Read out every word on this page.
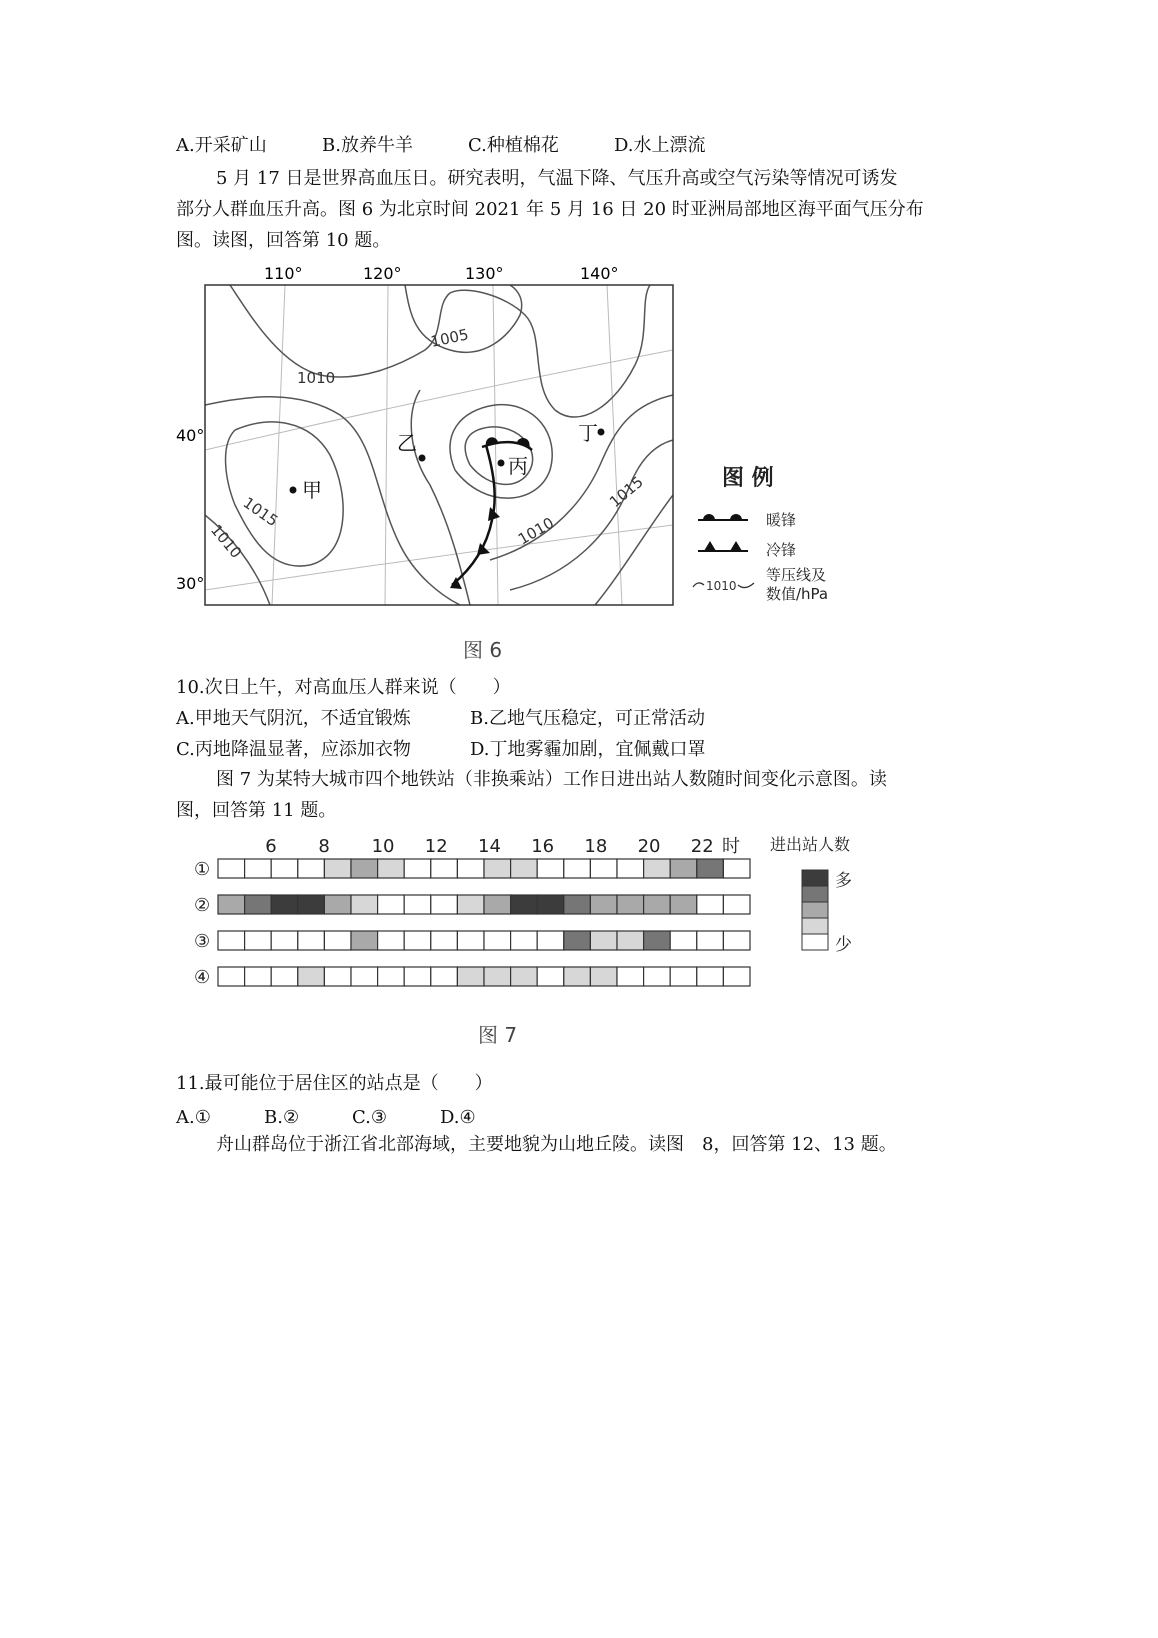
A.开采矿山	B.放养牛羊	C.种植棉花	D.水上漂流
5 月 17 日是世界高血压日。研究表明，气温下降、气压升高或空气污染等情况可诱发
部分人群血压升高。图 6 为北京时间 2021 年 5 月 16 日 20 时亚洲局部地区海平面气压分布
图。读图，回答第 10 题。
110°	120°	130°	140°
40°
30°
1005
1010
1015
1015
1010
1010
甲
乙
丙
丁
图 例
暖锋
冷锋
1010
等压线及
数值/hPa
图 6
10.次日上午，对高血压人群来说（　　）
A.甲地天气阴沉，不适宜锻炼	B.乙地气压稳定，可正常活动
C.丙地降温显著，应添加衣物	D.丁地雾霾加剧，宜佩戴口罩
图 7 为某特大城市四个地铁站（非换乘站）工作日进出站人数随时间变化示意图。读
图，回答第 11 题。
6 8 10 12 14 16 18 20 22 时
①
②
③
④
进出站人数
多
少
图 7
11.最可能位于居住区的站点是（　　）
A.①	B.②	C.③	D.④
舟山群岛位于浙江省北部海域，主要地貌为山地丘陵。读图　8，回答第 12、13 题。
